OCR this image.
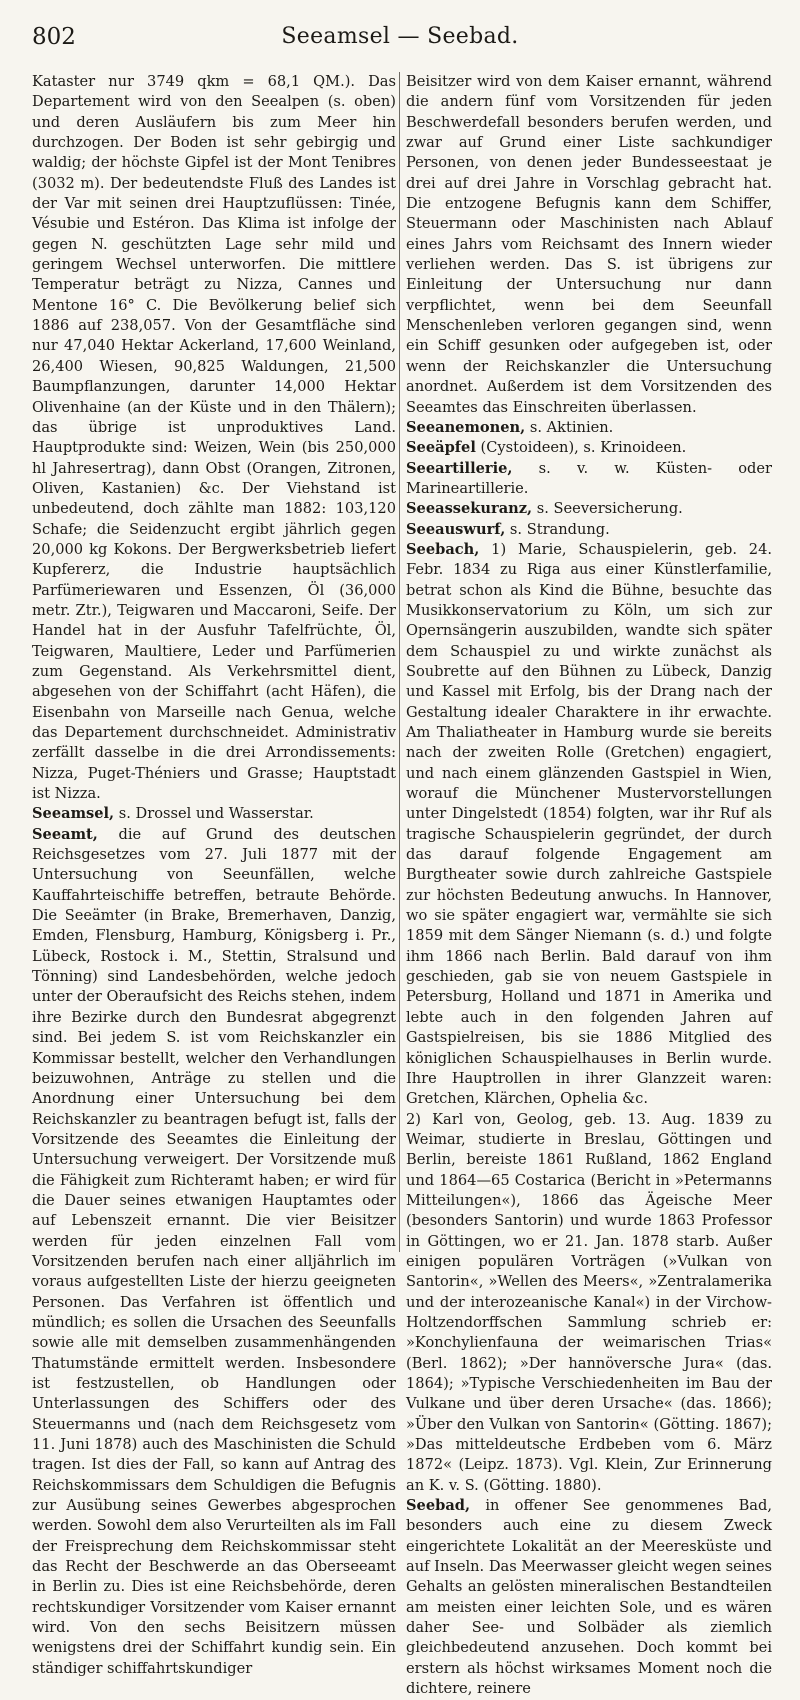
802	Seeamsel — Seebad.

Kataster nur 3749 qkm = 68,1 QM.). Das Departement wird von den Seealpen (s. oben) und deren Ausläufern bis zum Meer hin durchzogen. Der Boden ist sehr gebirgig und waldig; der höchste Gipfel ist der Mont Tenibres (3032 m). Der bedeutendste Fluß des Landes ist der Var mit seinen drei Hauptzuflüssen: Tinée, Vésubie und Estéron. Das Klima ist infolge der gegen N. geschützten Lage sehr mild und geringem Wechsel unterworfen. Die mittlere Temperatur beträgt zu Nizza, Cannes und Mentone 16° C. Die Bevölkerung belief sich 1886 auf 238,057. Von der Gesamtfläche sind nur 47,040 Hektar Ackerland, 17,600 Weinland, 26,400 Wiesen, 90,825 Waldungen, 21,500 Baumpflanzungen, darunter 14,000 Hektar Olivenhaine (an der Küste und in den Thälern); das übrige ist unproduktives Land. Hauptprodukte sind: Weizen, Wein (bis 250,000 hl Jahresertrag), dann Obst (Orangen, Zitronen, Oliven, Kastanien) &c. Der Viehstand ist unbedeutend, doch zählte man 1882: 103,120 Schafe; die Seidenzucht ergibt jährlich gegen 20,000 kg Kokons. Der Bergwerksbetrieb liefert Kupfererz, die Industrie hauptsächlich Parfümeriewaren und Essenzen, Öl (36,000 metr. Ztr.), Teigwaren und Maccaroni, Seife. Der Handel hat in der Ausfuhr Tafelfrüchte, Öl, Teigwaren, Maultiere, Leder und Parfümerien zum Gegenstand. Als Verkehrsmittel dient, abgesehen von der Schiffahrt (acht Häfen), die Eisenbahn von Marseille nach Genua, welche das Departement durchschneidet. Administrativ zerfällt dasselbe in die drei Arrondissements: Nizza, Puget-Théniers und Grasse; Hauptstadt ist Nizza.

Seeamsel, s. Drossel und Wasserstar.

Seeamt, die auf Grund des deutschen Reichsgesetzes vom 27. Juli 1877 mit der Untersuchung von Seeunfällen, welche Kauffahrteischiffe betreffen, betraute Behörde. Die Seeämter (in Brake, Bremerhaven, Danzig, Emden, Flensburg, Hamburg, Königsberg i. Pr., Lübeck, Rostock i. M., Stettin, Stralsund und Tönning) sind Landesbehörden, welche jedoch unter der Oberaufsicht des Reichs stehen, indem ihre Bezirke durch den Bundesrat abgegrenzt sind. Bei jedem S. ist vom Reichskanzler ein Kommissar bestellt, welcher den Verhandlungen beizuwohnen, Anträge zu stellen und die Anordnung einer Untersuchung bei dem Reichskanzler zu beantragen befugt ist, falls der Vorsitzende des Seeamtes die Einleitung der Untersuchung verweigert. Der Vorsitzende muß die Fähigkeit zum Richteramt haben; er wird für die Dauer seines etwanigen Hauptamtes oder auf Lebenszeit ernannt. Die vier Beisitzer werden für jeden einzelnen Fall vom Vorsitzenden berufen nach einer alljährlich im voraus aufgestellten Liste der hierzu geeigneten Personen. Das Verfahren ist öffentlich und mündlich; es sollen die Ursachen des Seeunfalls sowie alle mit demselben zusammenhängenden Thatumstände ermittelt werden. Insbesondere ist festzustellen, ob Handlungen oder Unterlassungen des Schiffers oder des Steuermanns und (nach dem Reichsgesetz vom 11. Juni 1878) auch des Maschinisten die Schuld tragen. Ist dies der Fall, so kann auf Antrag des Reichskommissars dem Schuldigen die Befugnis zur Ausübung seines Gewerbes abgesprochen werden. Sowohl dem also Verurteilten als im Fall der Freisprechung dem Reichskommissar steht das Recht der Beschwerde an das Oberseeamt in Berlin zu. Dies ist eine Reichsbehörde, deren rechtskundiger Vorsitzender vom Kaiser ernannt wird. Von den sechs Beisitzern müssen wenigstens drei der Schiffahrt kundig sein. Ein ständiger schiffahrtskundiger

Beisitzer wird von dem Kaiser ernannt, während die andern fünf vom Vorsitzenden für jeden Beschwerdefall besonders berufen werden, und zwar auf Grund einer Liste sachkundiger Personen, von denen jeder Bundesseestaat je drei auf drei Jahre in Vorschlag gebracht hat. Die entzogene Befugnis kann dem Schiffer, Steuermann oder Maschinisten nach Ablauf eines Jahrs vom Reichsamt des Innern wieder verliehen werden. Das S. ist übrigens zur Einleitung der Untersuchung nur dann verpflichtet, wenn bei dem Seeunfall Menschenleben verloren gegangen sind, wenn ein Schiff gesunken oder aufgegeben ist, oder wenn der Reichskanzler die Untersuchung anordnet. Außerdem ist dem Vorsitzenden des Seeamtes das Einschreiten überlassen.

Seeanemonen, s. Aktinien.

Seeäpfel (Cystoideen), s. Krinoideen.

Seeartillerie, s. v. w. Küsten- oder Marineartillerie.

Seeassekuranz, s. Seeversicherung.

Seeauswurf, s. Strandung.

Seebach, 1) Marie, Schauspielerin, geb. 24. Febr. 1834 zu Riga aus einer Künstlerfamilie, betrat schon als Kind die Bühne, besuchte das Musikkonservatorium zu Köln, um sich zur Opernsängerin auszubilden, wandte sich später dem Schauspiel zu und wirkte zunächst als Soubrette auf den Bühnen zu Lübeck, Danzig und Kassel mit Erfolg, bis der Drang nach der Gestaltung idealer Charaktere in ihr erwachte. Am Thaliatheater in Hamburg wurde sie bereits nach der zweiten Rolle (Gretchen) engagiert, und nach einem glänzenden Gastspiel in Wien, worauf die Münchener Mustervorstellungen unter Dingelstedt (1854) folgten, war ihr Ruf als tragische Schauspielerin gegründet, der durch das darauf folgende Engagement am Burgtheater sowie durch zahlreiche Gastspiele zur höchsten Bedeutung anwuchs. In Hannover, wo sie später engagiert war, vermählte sie sich 1859 mit dem Sänger Niemann (s. d.) und folgte ihm 1866 nach Berlin. Bald darauf von ihm geschieden, gab sie von neuem Gastspiele in Petersburg, Holland und 1871 in Amerika und lebte auch in den folgenden Jahren auf Gastspielreisen, bis sie 1886 Mitglied des königlichen Schauspielhauses in Berlin wurde. Ihre Hauptrollen in ihrer Glanzzeit waren: Gretchen, Klärchen, Ophelia &c.
2) Karl von, Geolog, geb. 13. Aug. 1839 zu Weimar, studierte in Breslau, Göttingen und Berlin, bereiste 1861 Rußland, 1862 England und 1864—65 Costarica (Bericht in »Petermanns Mitteilungen«), 1866 das Ägeische Meer (besonders Santorin) und wurde 1863 Professor in Göttingen, wo er 21. Jan. 1878 starb. Außer einigen populären Vorträgen (»Vulkan von Santorin«, »Wellen des Meers«, »Zentralamerika und der interozeanische Kanal«) in der Virchow-Holtzendorffschen Sammlung schrieb er: »Konchylienfauna der weimarischen Trias« (Berl. 1862); »Der hannöversche Jura« (das. 1864); »Typische Verschiedenheiten im Bau der Vulkane und über deren Ursache« (das. 1866); »Über den Vulkan von Santorin« (Götting. 1867); »Das mitteldeutsche Erdbeben vom 6. März 1872« (Leipz. 1873). Vgl. Klein, Zur Erinnerung an K. v. S. (Götting. 1880).

Seebad, in offener See genommenes Bad, besonders auch eine zu diesem Zweck eingerichtete Lokalität an der Meeresküste und auf Inseln. Das Meerwasser gleicht wegen seines Gehalts an gelösten mineralischen Bestandteilen am meisten einer leichten Sole, und es wären daher See- und Solbäder als ziemlich gleichbedeutend anzusehen. Doch kommt bei erstern als höchst wirksames Moment noch die dichtere, reinere
